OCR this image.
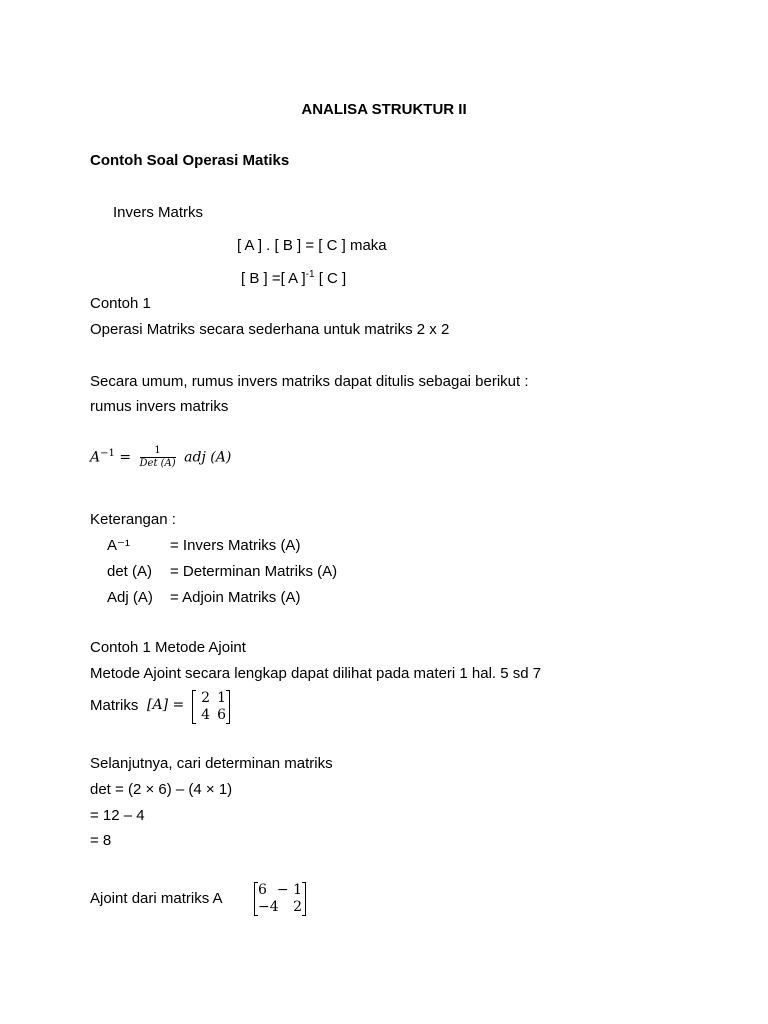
ANALISA STRUKTUR II
Contoh Soal Operasi Matiks
Invers Matrks
[ A ] . [ B ] = [ C ] maka
[ B ] =[ A ]$^{-1}$ [ C ]
Contoh 1
Operasi Matriks secara sederhana untuk matriks 2 x 2
Secara umum, rumus invers matriks dapat ditulis sebagai berikut :
rumus invers matriks
$A^{-1} = \frac{1}{\text{Det (A)}}$ adj (A)
Keterangan :
A⁻¹	= Invers Matriks (A)
det (A) = Determinan Matriks (A)
Adj (A) = Adjoin Matriks (A)
Contoh 1 Metode Ajoint
Metode Ajoint secara lengkap dapat dilihat pada materi 1 hal. 5 sd 7
Matriks [A] =	2 1
4 6
Selanjutnya, cari determinan matriks
det = (2 × 6) – (4 × 1)
= 12 – 4
= 8
Ajoint dari matriks A	6 − 1
−4	2
